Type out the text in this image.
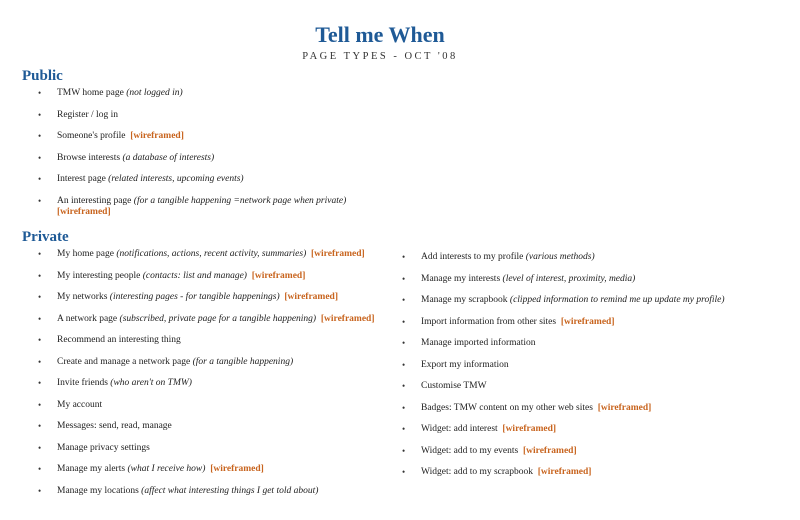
Tell me When
PAGE TYPES - OCT '08
Public
• TMW home page (not logged in)
• Register / log in
• Someone's profile [wireframed]
• Browse interests (a database of interests)
• Interest page (related interests, upcoming events)
• An interesting page (for a tangible happening =network page when private)
[wireframed]
Private
• My home page (notifications, actions, recent activity, summaries) [wireframed]
• My interesting people (contacts: list and manage) [wireframed]
• My networks (interesting pages - for tangible happenings) [wireframed]
• A network page (subscribed, private page for a tangible happening) [wireframed]
• Recommend an interesting thing
• Create and manage a network page (for a tangible happening)
• Invite friends (who aren't on TMW)
• My account
• Messages: send, read, manage
• Manage privacy settings
• Manage my alerts (what I receive how) [wireframed]
• Manage my locations (affect what interesting things I get told about)
• Add interests to my profile (various methods)
• Manage my interests (level of interest, proximity, media)
• Manage my scrapbook (clipped information to remind me up update my profile)
• Import information from other sites [wireframed]
• Manage imported information
• Export my information
• Customise TMW
• Badges: TMW content on my other web sites [wireframed]
• Widget: add interest [wireframed]
• Widget: add to my events [wireframed]
• Widget: add to my scrapbook [wireframed]
